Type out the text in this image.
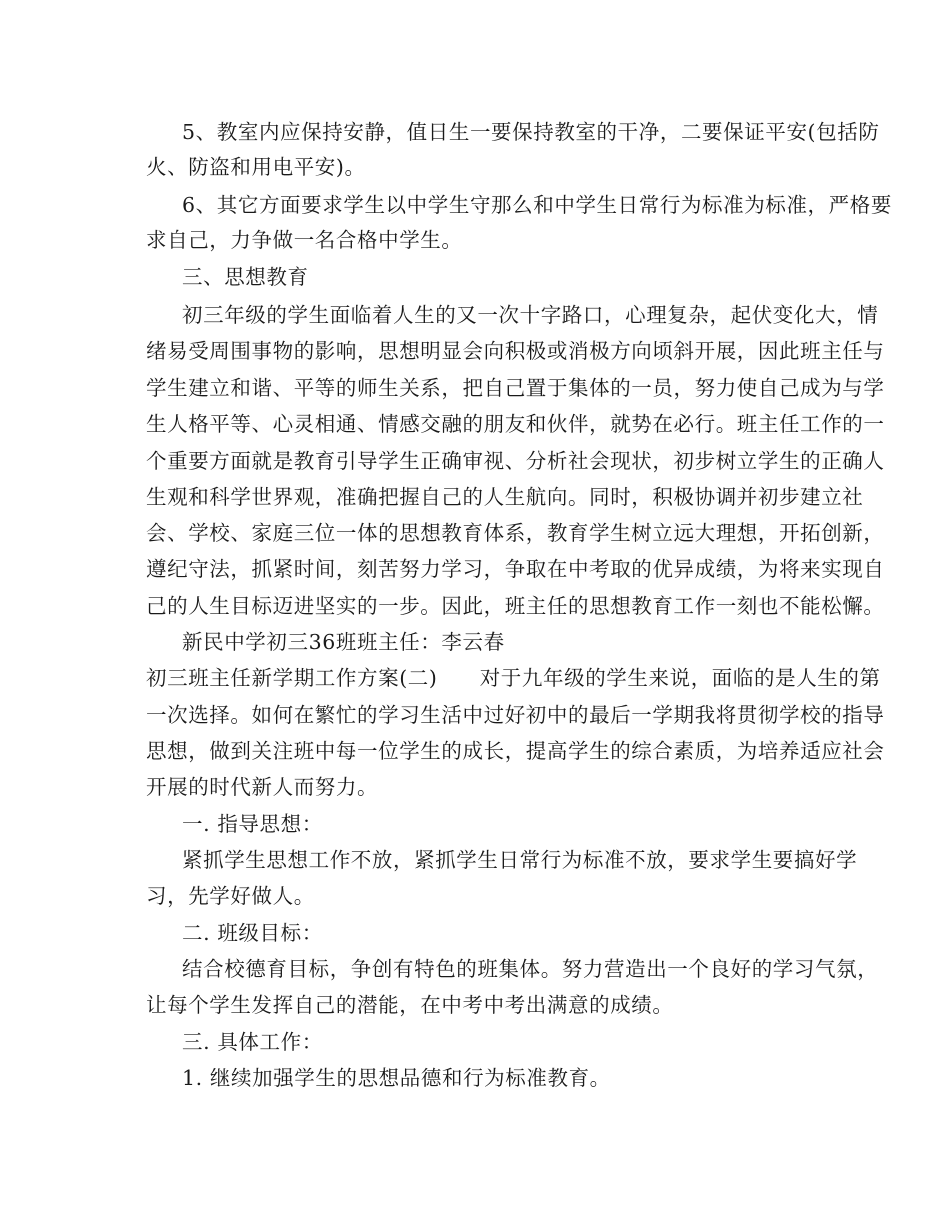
5、教室内应保持安静，值日生一要保持教室的干净，二要保证平安(包括防
火、防盗和用电平安)。
6、其它方面要求学生以中学生守那么和中学生日常行为标准为标准，严格要
求自己，力争做一名合格中学生。
三、思想教育
初三年级的学生面临着人生的又一次十字路口，心理复杂，起伏变化大，情
绪易受周围事物的影响，思想明显会向积极或消极方向顷斜开展，因此班主任与
学生建立和谐、平等的师生关系，把自己置于集体的一员，努力使自己成为与学
生人格平等、心灵相通、情感交融的朋友和伙伴，就势在必行。班主任工作的一
个重要方面就是教育引导学生正确审视、分析社会现状，初步树立学生的正确人
生观和科学世界观，准确把握自己的人生航向。同时，积极协调并初步建立社
会、学校、家庭三位一体的思想教育体系，教育学生树立远大理想，开拓创新，
遵纪守法，抓紧时间，刻苦努力学习，争取在中考取的优异成绩，为将来实现自
己的人生目标迈进坚实的一步。因此，班主任的思想教育工作一刻也不能松懈。
新民中学初三36班班主任：李云春
初三班主任新学期工作方案(二)　　对于九年级的学生来说，面临的是人生的第
一次选择。如何在繁忙的学习生活中过好初中的最后一学期我将贯彻学校的指导
思想，做到关注班中每一位学生的成长，提高学生的综合素质，为培养适应社会
开展的时代新人而努力。
一. 指导思想：
紧抓学生思想工作不放，紧抓学生日常行为标准不放，要求学生要搞好学
习，先学好做人。
二. 班级目标：
结合校德育目标，争创有特色的班集体。努力营造出一个良好的学习气氛，
让每个学生发挥自己的潜能，在中考中考出满意的成绩。
三. 具体工作：
1. 继续加强学生的思想品德和行为标准教育。
